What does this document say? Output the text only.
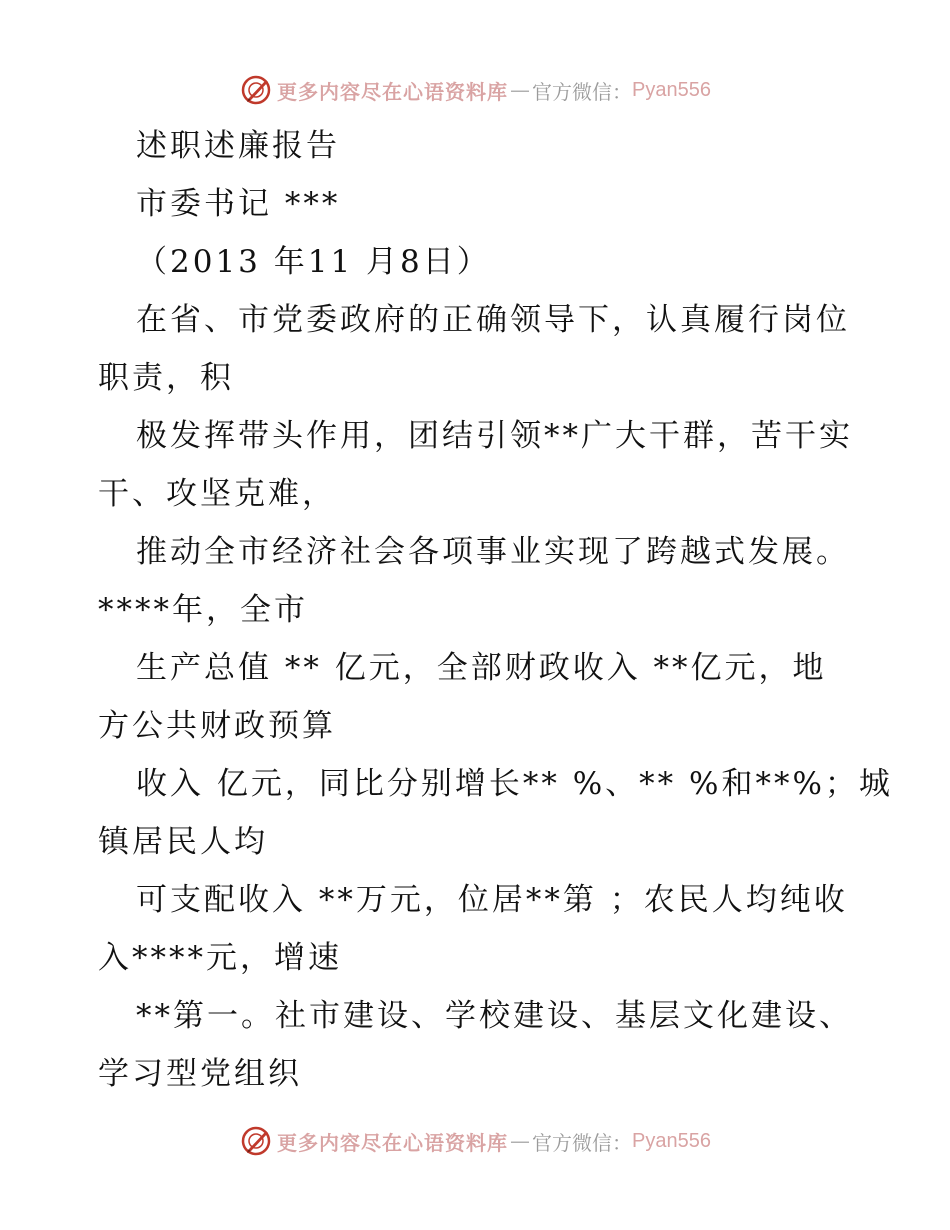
更多内容尽在心语资料库 — 官方微信： Pyan556
述职述廉报告
市委书记 ***
（2013 年11 月8日）
在省、市党委政府的正确领导下，认真履行岗位
职责，积
极发挥带头作用，团结引领**广大干群，苦干实
干、攻坚克难，
推动全市经济社会各项事业实现了跨越式发展。
****年，全市
生产总值 ** 亿元，全部财政收入 **亿元，地
方公共财政预算
收入 亿元，同比分别增长** %、** %和**%；城
镇居民人均
可支配收入 **万元，位居**第 ；农民人均纯收
入****元，增速
**第一。社市建设、学校建设、基层文化建设、
学习型党组织
更多内容尽在心语资料库 — 官方微信： Pyan556
